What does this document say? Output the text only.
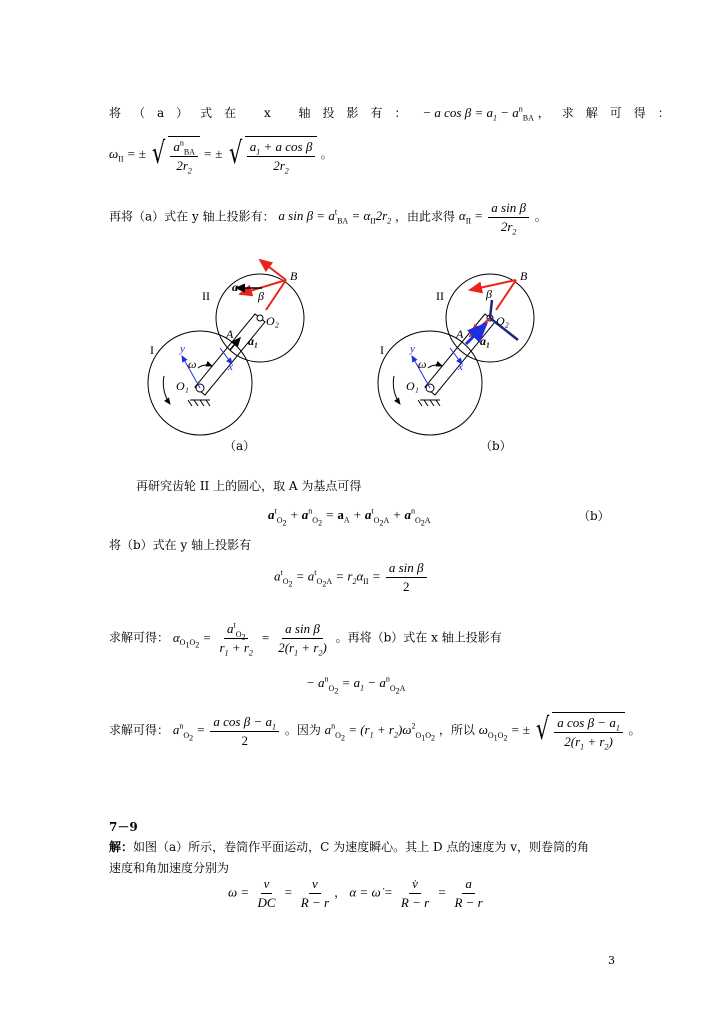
将（a）式在 x 轴投影有： − a $\cos \beta = a_1 - a^n_{BA}$ ，求解可得：
$\omega_{II}$ = ± √ $\frac{a^n_{BA}}{2r_2}$ = ± √ $\frac{a_1 + a \cos \beta}{2r_2}$ 。
再将（a）式在 y 轴上投影有： a $\sin \beta = a^t_{BA} = \alpha_{II}2r_2$ ，由此求得 $\alpha_{II} = \frac{\text{a sin β}}{2r_2}$ 。
B
a
β
II
O₂
A a₁
I y
x
ω
O₁
B
β
II
O₂
A a₁
I y
x
ω
O₁
（a）	（b）
再研究齿轮 II 上的圆心，取 A 为基点可得
$a^t_{O_2} + a^n_{O_2} = a_A + a^t_{O_2A} + a^n_{O_2A}$	（b）
将（b）式在 y 轴上投影有
$a^t_{O_2} = a^t_{O_2A} = r_2\alpha_{II} = \frac{\text{a sin β}}{2}$
求解可得： $\alpha_{O_1O_2} = \frac{a^t_{O_2}}{r_1 + r_2} = \frac{\text{a sin β}}{2(r_1 + r_2)}$ 。再将（b）式在 x 轴上投影有
− $a^n_{O_2} = a_1 - a^n_{O_2A}$
求解可得： $a^n_{O_2} = \frac{a \cos \beta - a_1}{2}$ 。因为 $a^n_{O_2} = (r_1 + r_2)\omega^2_{O_1O_2}$ ，所以 $\omega_{O_1O_2}$ = ± √ $\frac{a \cos \beta - a_1}{2(r_1 + r_2)}$ 。
7－9
解：如图（a）所示，卷筒作平面运动，C 为速度瞬心。其上 D 点的速度为 v，则卷筒的角
速度和角加速度分别为
$\omega = \frac{v}{DC} = \frac{v}{R - r}$ ， α = ω̇ = $\frac{v̇}{R - r} = \frac{a}{R - r}$
3
